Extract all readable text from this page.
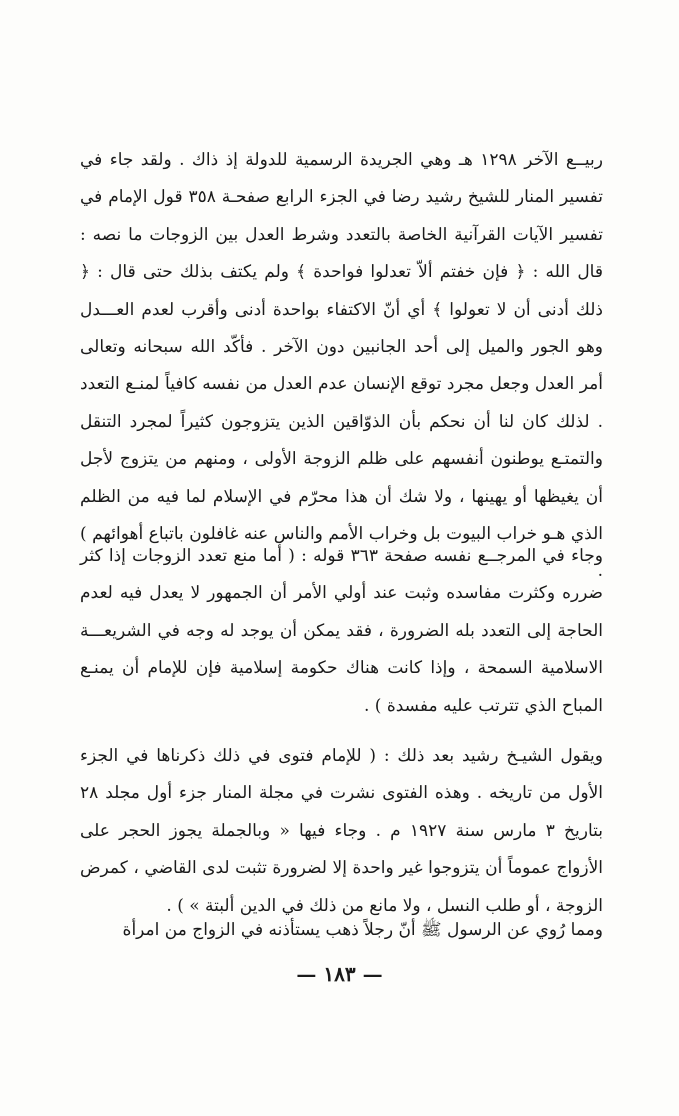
ربيــع الآخر ١٢٩٨ هـ وهي الجريدة الرسمية للدولة إذ ذاك . ولقد جاء في تفسير المنار للشيخ رشيد رضا في الجزء الرابع صفحـة ٣٥٨ قول الإمام في تفسير الآيات القرآنية الخاصة بالتعدد وشرط العدل بين الزوجات ما نصه : قال الله : ﴿ فإن خفتم ألاّ تعدلوا فواحدة ﴾ ولم يكتف بذلك حتى قال : ﴿ ذلك أدنى أن لا تعولوا ﴾ أي أنّ الاكتفاء بواحدة أدنى وأقرب لعدم العـــدل وهو الجور والميل إلى أحد الجانبين دون الآخر . فأكّد الله سبحانه وتعالى أمر العدل وجعل مجرد توقع الإنسان عدم العدل من نفسه كافياً لمنـع التعدد . لذلك كان لنا أن نحكم بأن الذوّاقين الذين يتزوجون كثيراً لمجرد التنقل والتمتـع يوطنون أنفسهم على ظلم الزوجة الأولى ، ومنهم من يتزوج لأجل أن يغيظها أو يهينها ، ولا شك أن هذا محرّم في الإسلام لما فيه من الظلم الذي هـو خراب البيوت بل وخراب الأمم والناس عنه غافلون باتباع أهوائهم ) .

وجاء في المرجــع نفسه صفحة ٣٦٣ قوله : ( أما منع تعدد الزوجات إذا كثر ضرره وكثرت مفاسده وثبت عند أولي الأمر أن الجمهور لا يعدل فيه لعدم الحاجة إلى التعدد بله الضرورة ، فقد يمكن أن يوجد له وجه في الشريعـــة الاسلامية السمحة ، وإذا كانت هناك حكومة إسلامية فإن للإمام أن يمنـع المباح الذي تترتب عليه مفسدة ) .

ويقول الشيـخ رشيد بعد ذلك : ( للإمام فتوى في ذلك ذكرناها في الجزء الأول من تاريخه . وهذه الفتوى نشرت في مجلة المنار جزء أول مجلد ٢٨ بتاريخ ٣ مارس سنة ١٩٢٧ م . وجاء فيها « وبالجملة يجوز الحجر على الأزواج عموماً أن يتزوجوا غير واحدة إلا لضرورة تثبت لدى القاضي ، كمرض الزوجة ، أو طلب النسل ، ولا مانع من ذلك في الدين ألبتة » ) .

ومما رُوي عن الرسول ﷺ أنّ رجلاً ذهب يستأذنه في الزواج من امرأة

— ١٨٣ —
